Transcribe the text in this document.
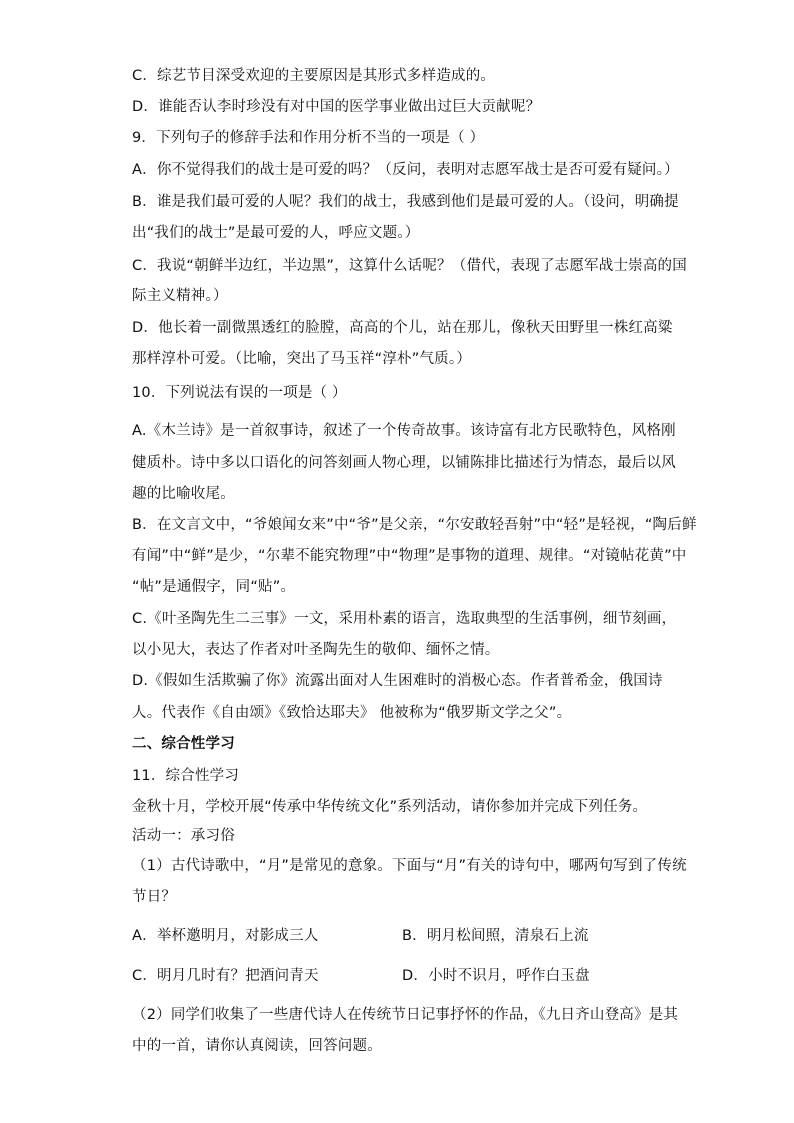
C．综艺节目深受欢迎的主要原因是其形式多样造成的。
D．谁能否认李时珍没有对中国的医学事业做出过巨大贡献呢？
9．下列句子的修辞手法和作用分析不当的一项是（ ）
A．你不觉得我们的战士是可爱的吗？（反问，表明对志愿军战士是否可爱有疑问。）
B．谁是我们最可爱的人呢？我们的战士，我感到他们是最可爱的人。（设问，明确提
出“我们的战士”是最可爱的人，呼应文题。）
C．我说“朝鲜半边红，半边黑”，这算什么话呢？（借代，表现了志愿军战士崇高的国
际主义精神。）
D．他长着一副微黑透红的脸膛，高高的个儿，站在那儿，像秋天田野里一株红高粱
那样淳朴可爱。（比喻，突出了马玉祥“淳朴”气质。）
10．下列说法有误的一项是（ ）
A.《木兰诗》是一首叙事诗，叙述了一个传奇故事。该诗富有北方民歌特色，风格刚
健质朴。诗中多以口语化的问答刻画人物心理，以铺陈排比描述行为情态，最后以风
趣的比喻收尾。
B．在文言文中，“爷娘闻女来”中“爷”是父亲，“尔安敢轻吾射”中“轻”是轻视，“陶后鲜
有闻”中“鲜”是少，“尔辈不能究物理”中“物理”是事物的道理、规律。“对镜帖花黄”中
“帖”是通假字，同“贴”。
C.《叶圣陶先生二三事》一文，采用朴素的语言，选取典型的生活事例，细节刻画，
以小见大，表达了作者对叶圣陶先生的敬仰、缅怀之情。
D.《假如生活欺骗了你》流露出面对人生困难时的消极心态。作者普希金，俄国诗
人。代表作《自由颂》《致恰达耶夫》 他被称为“俄罗斯文学之父”。
二、综合性学习
11．综合性学习
金秋十月，学校开展“传承中华传统文化”系列活动，请你参加并完成下列任务。
活动一：承习俗
（1）古代诗歌中，“月”是常见的意象。下面与“月”有关的诗句中，哪两句写到了传统
节日？
A．举杯邀明月，对影成三人	B．明月松间照，清泉石上流
C．明月几时有？把酒问青天	D．小时不识月，呼作白玉盘
（2）同学们收集了一些唐代诗人在传统节日记事抒怀的作品，《九日齐山登高》是其
中的一首，请你认真阅读，回答问题。
